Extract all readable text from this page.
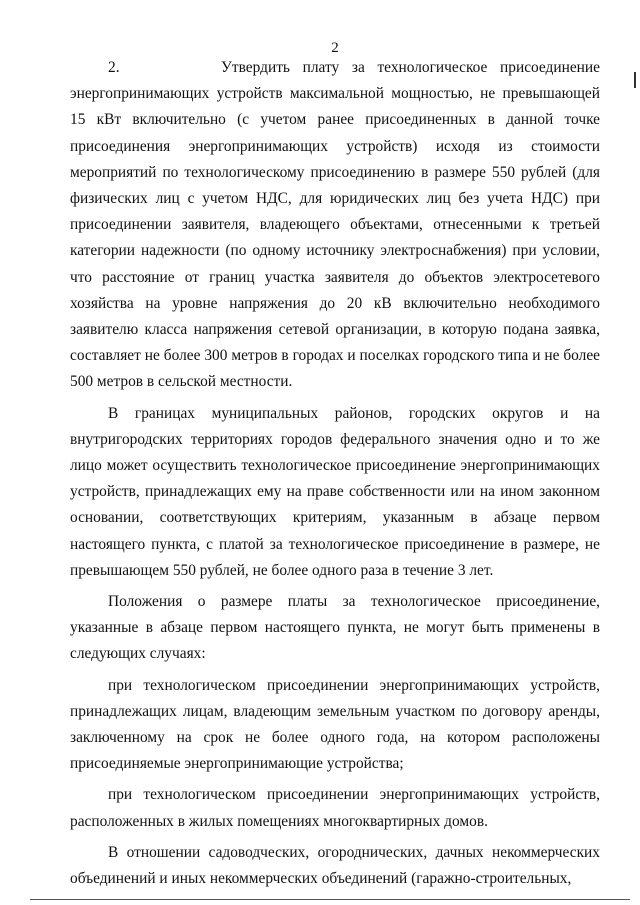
2

2.        Утвердить плату за технологическое присоединение энергопринимающих устройств максимальной мощностью, не превышающей 15 кВт включительно (с учетом ранее присоединенных в данной точке присоединения энергопринимающих устройств) исходя из стоимости мероприятий по технологическому присоединению в размере 550 рублей (для физических лиц с учетом НДС, для юридических лиц без учета НДС) при присоединении заявителя, владеющего объектами, отнесенными к третьей категории надежности (по одному источнику электроснабжения) при условии, что расстояние от границ участка заявителя до объектов электросетевого хозяйства на уровне напряжения до 20 кВ включительно необходимого заявителю класса напряжения сетевой организации, в которую подана заявка, составляет не более 300 метров в городах и поселках городского типа и не более 500 метров в сельской местности.

В границах муниципальных районов, городских округов и на внутригородских территориях городов федерального значения одно и то же лицо может осуществить технологическое присоединение энергопринимающих устройств, принадлежащих ему на праве собственности или на ином законном основании, соответствующих критериям, указанным в абзаце первом настоящего пункта, с платой за технологическое присоединение в размере, не превышающем 550 рублей, не более одного раза в течение 3 лет.

Положения о размере платы за технологическое присоединение, указанные в абзаце первом настоящего пункта, не могут быть применены в следующих случаях:

при технологическом присоединении энергопринимающих устройств, принадлежащих лицам, владеющим земельным участком по договору аренды, заключенному на срок не более одного года, на котором расположены присоединяемые энергопринимающие устройства;

при технологическом присоединении энергопринимающих устройств, расположенных в жилых помещениях многоквартирных домов.

В отношении садоводческих, огороднических, дачных некоммерческих объединений и иных некоммерческих объединений (гаражно-строительных,
